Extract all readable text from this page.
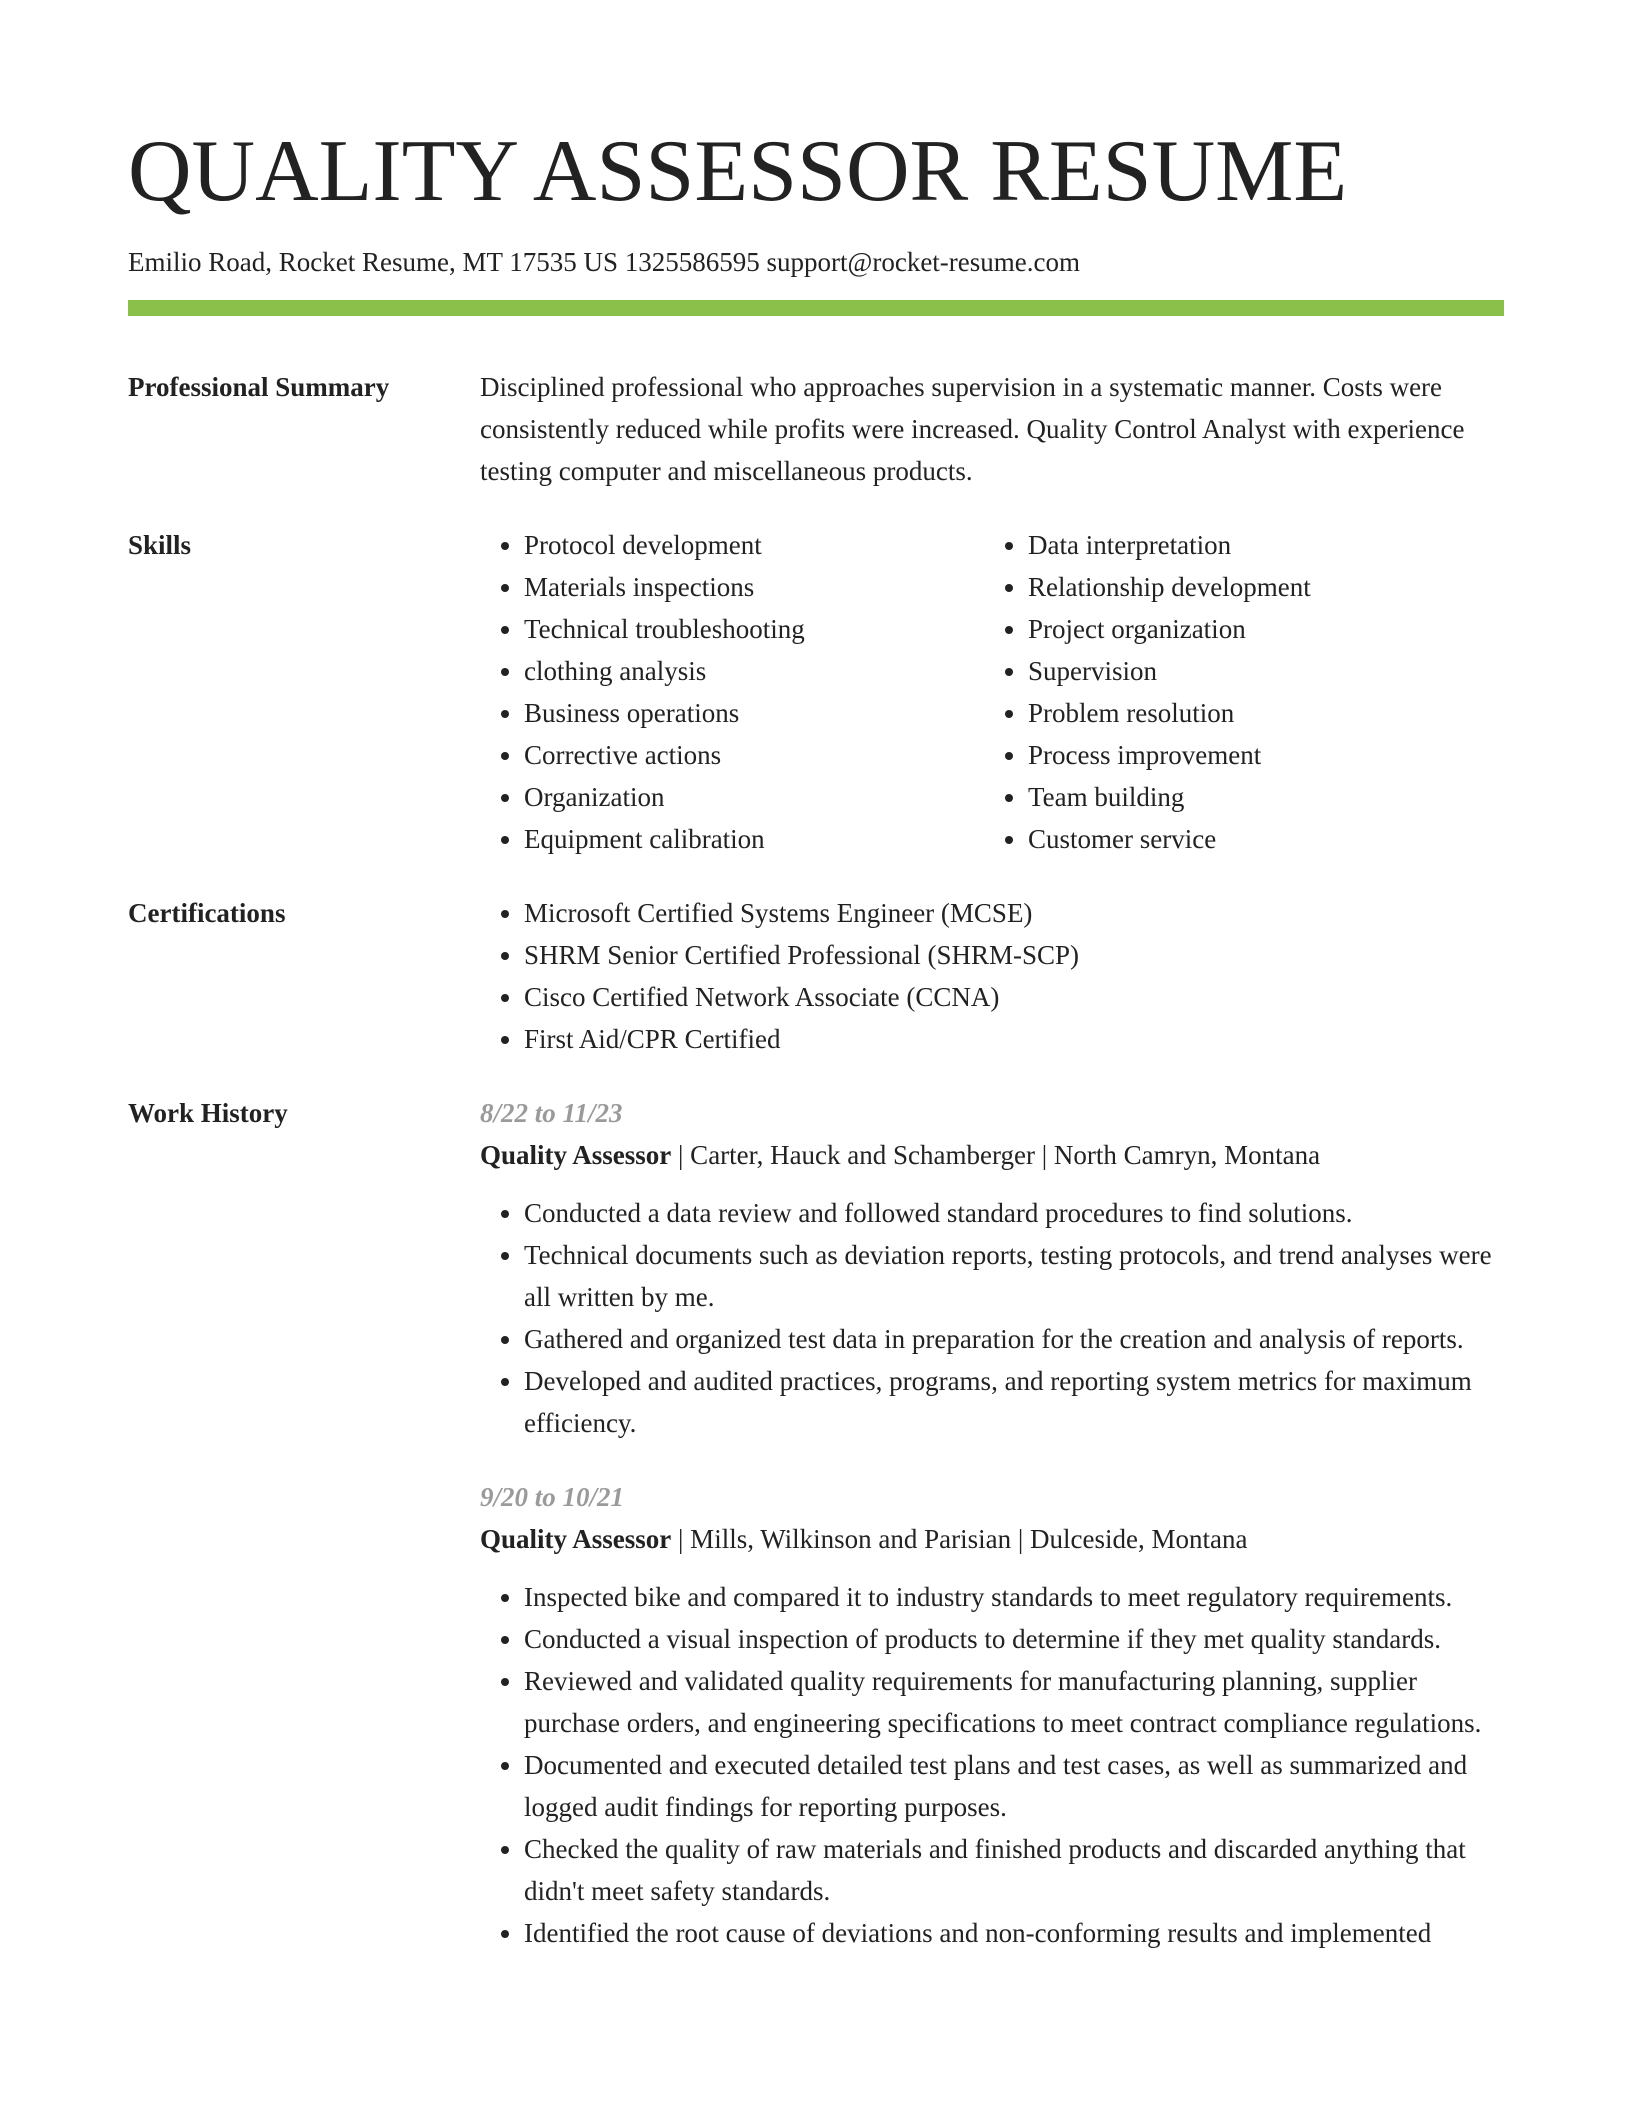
QUALITY ASSESSOR RESUME
Emilio Road, Rocket Resume, MT 17535 US 1325586595 support@rocket-resume.com
Professional Summary	Disciplined professional who approaches supervision in a systematic manner. Costs were consistently reduced while profits were increased. Quality Control Analyst with experience testing computer and miscellaneous products.
Skills	• Protocol development
• Materials inspections
• Technical troubleshooting
• clothing analysis
• Business operations
• Corrective actions
• Organization
• Equipment calibration
• Data interpretation
• Relationship development
• Project organization
• Supervision
• Problem resolution
• Process improvement
• Team building
• Customer service
Certifications	• Microsoft Certified Systems Engineer (MCSE)
• SHRM Senior Certified Professional (SHRM-SCP)
• Cisco Certified Network Associate (CCNA)
• First Aid/CPR Certified
Work History	8/22 to 11/23
Quality Assessor | Carter, Hauck and Schamberger | North Camryn, Montana
• Conducted a data review and followed standard procedures to find solutions.
• Technical documents such as deviation reports, testing protocols, and trend analyses were all written by me.
• Gathered and organized test data in preparation for the creation and analysis of reports.
• Developed and audited practices, programs, and reporting system metrics for maximum efficiency.
9/20 to 10/21
Quality Assessor | Mills, Wilkinson and Parisian | Dulceside, Montana
• Inspected bike and compared it to industry standards to meet regulatory requirements.
• Conducted a visual inspection of products to determine if they met quality standards.
• Reviewed and validated quality requirements for manufacturing planning, supplier purchase orders, and engineering specifications to meet contract compliance regulations.
• Documented and executed detailed test plans and test cases, as well as summarized and logged audit findings for reporting purposes.
• Checked the quality of raw materials and finished products and discarded anything that didn't meet safety standards.
• Identified the root cause of deviations and non-conforming results and implemented
